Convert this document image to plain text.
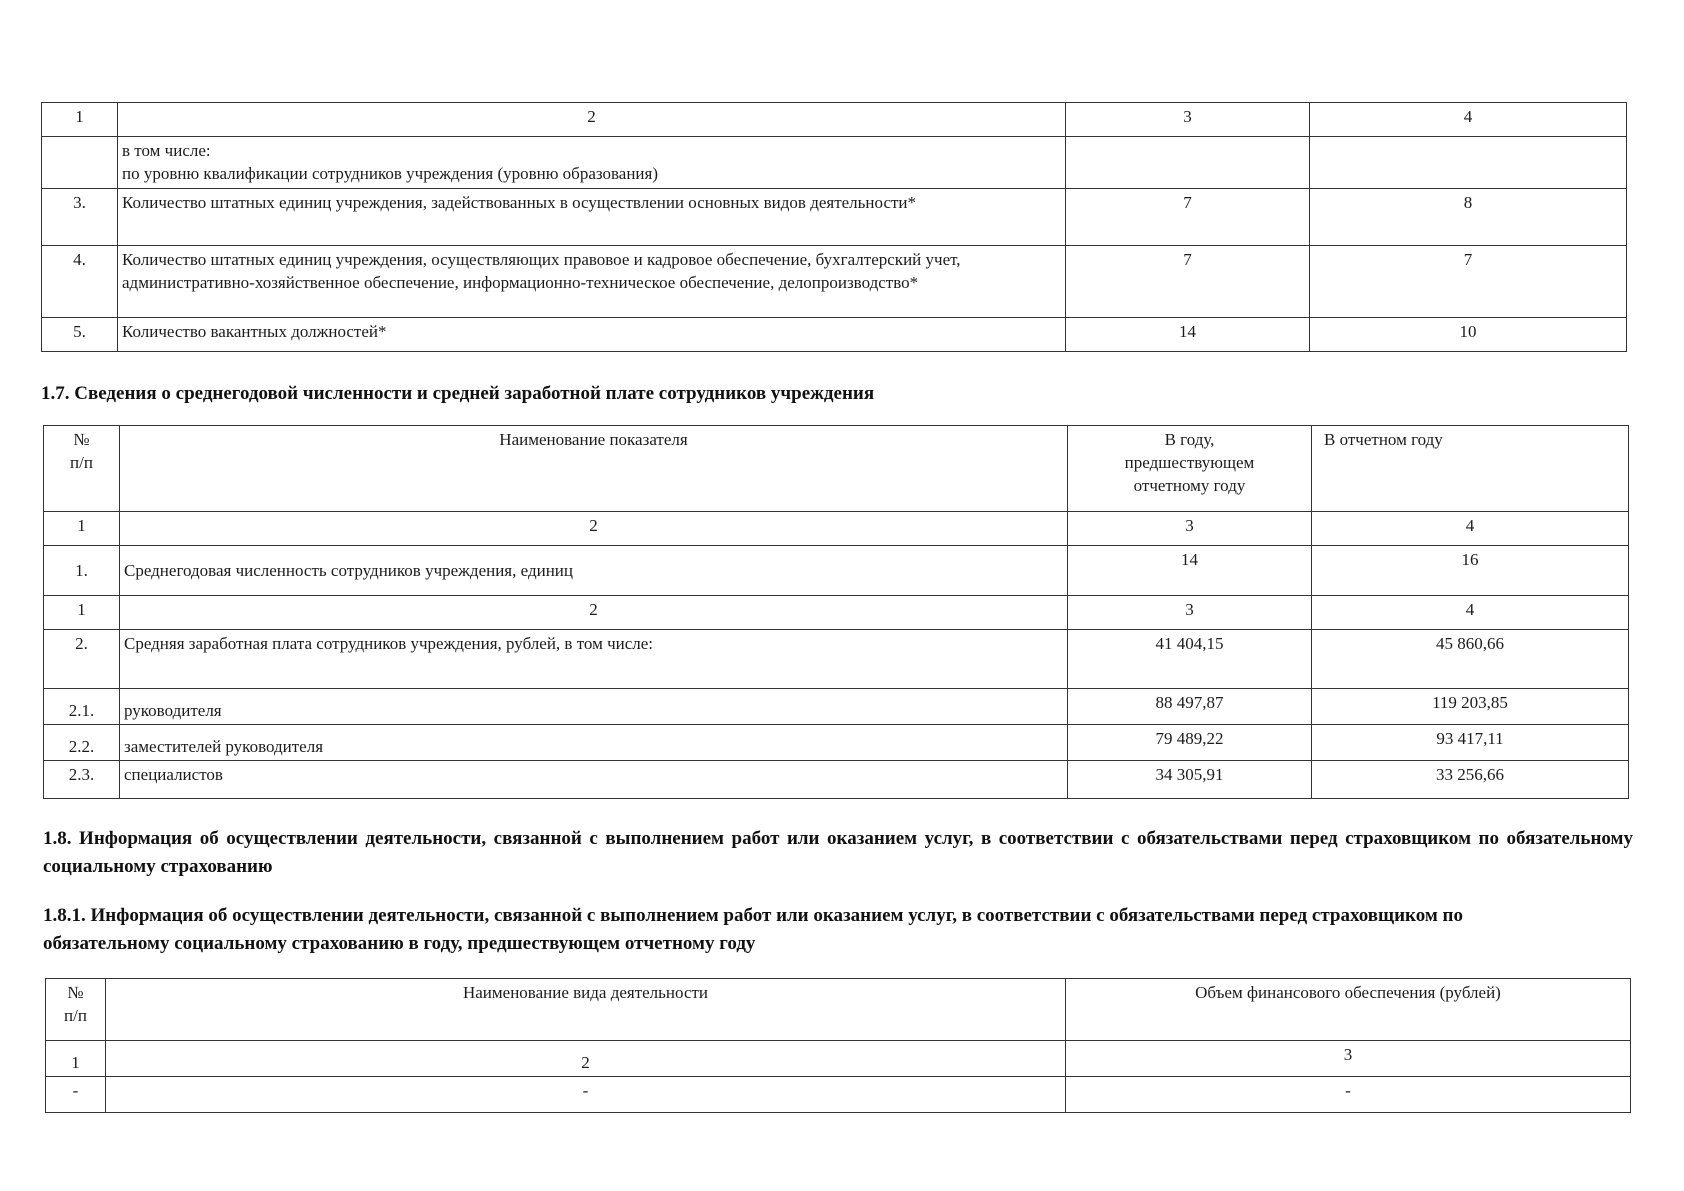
1	2	3	4
	в том числе:
по уровню квалификации сотрудников учреждения (уровню образования)		
3.	Количество штатных единиц учреждения, задействованных в осуществлении основных видов деятельности*	7	8
4.	Количество штатных единиц учреждения, осуществляющих правовое и кадровое обеспечение, бухгалтерский учет, административно-хозяйственное обеспечение, информационно-техническое обеспечение, делопроизводство*	7	7
5.	Количество вакантных должностей*	14	10
1.7. Сведения о среднегодовой численности и средней заработной плате сотрудников учреждения
№
п/п	Наименование показателя	В году,
предшествующем
отчетному году	В отчетном году
1	2	3	4
1.	Среднегодовая численность сотрудников учреждения, единиц	14	16
1	2	3	4
2.	Средняя заработная плата сотрудников учреждения, рублей, в том числе:	41 404,15	45 860,66
2.1.	руководителя	88 497,87	119 203,85
2.2.	заместителей руководителя	79 489,22	93 417,11
2.3.	специалистов	34 305,91	33 256,66
1.8. Информация об осуществлении деятельности, связанной с выполнением работ или оказанием услуг, в соответствии с обязательствами перед страховщиком по обязательному социальному страхованию
1.8.1. Информация об осуществлении деятельности, связанной с выполнением работ или оказанием услуг, в соответствии с обязательствами перед страховщиком по обязательному социальному страхованию в году, предшествующем отчетному году
№
п/п	Наименование вида деятельности	Объем финансового обеспечения (рублей)
1	2	3
-	-	-
